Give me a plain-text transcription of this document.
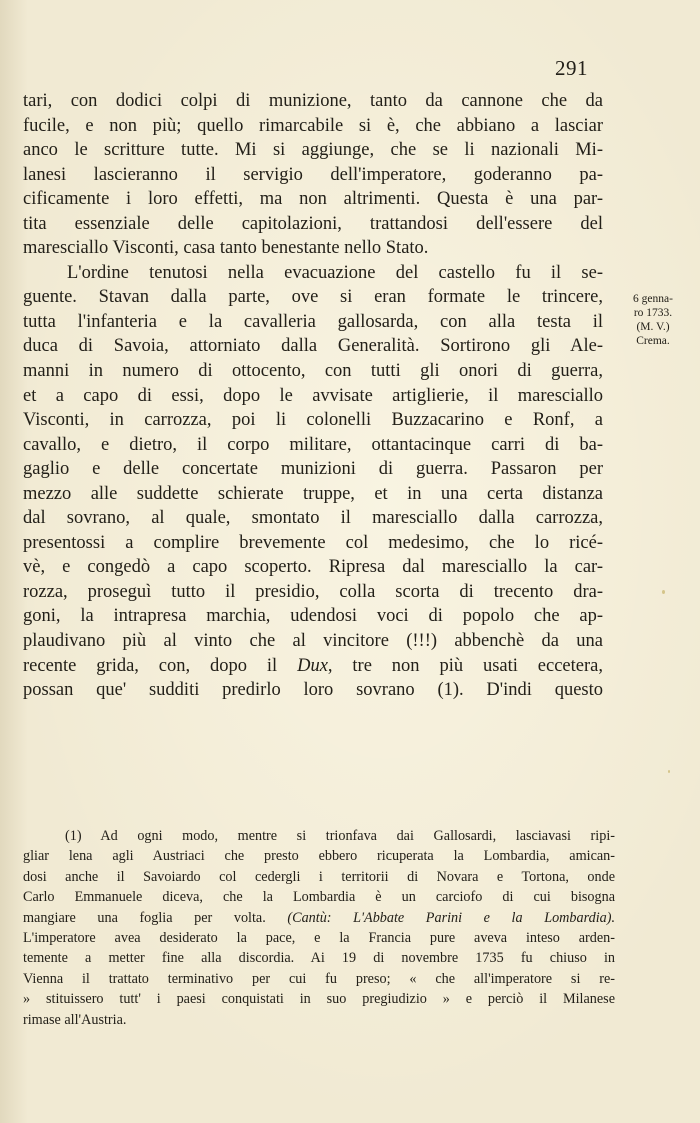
291
tari, con dodici colpi di munizione, tanto da cannone che da
fucile, e non più; quello rimarcabile si è, che abbiano a lasciar
anco le scritture tutte. Mi si aggiunge, che se li nazionali Mi-
lanesi lascieranno il servigio dell'imperatore, goderanno pa-
cificamente i loro effetti, ma non altrimenti. Questa è una par-
tita essenziale delle capitolazioni, trattandosi dell'essere del
maresciallo Visconti, casa tanto benestante nello Stato.
L'ordine tenutosi nella evacuazione del castello fu il se-
guente. Stavan dalla parte, ove si eran formate le trincere,
tutta l'infanteria e la cavalleria gallosarda, con alla testa il
duca di Savoia, attorniato dalla Generalità. Sortirono gli Ale-
manni in numero di ottocento, con tutti gli onori di guerra,
et a capo di essi, dopo le avvisate artiglierie, il maresciallo
Visconti, in carrozza, poi li colonelli Buzzacarino e Ronf, a
cavallo, e dietro, il corpo militare, ottantacinque carri di ba-
gaglio e delle concertate munizioni di guerra. Passaron per
mezzo alle suddette schierate truppe, et in una certa distanza
dal sovrano, al quale, smontato il maresciallo dalla carrozza,
presentossi a complire brevemente col medesimo, che lo ricé-
vè, e congedò a capo scoperto. Ripresa dal maresciallo la car-
rozza, proseguì tutto il presidio, colla scorta di trecento dra-
goni, la intrapresa marchia, udendosi voci di popolo che ap-
plaudivano più al vinto che al vincitore (!!!) abbenchè da una
recente grida, con, dopo il Dux, tre non più usati eccetera,
possan que' sudditi predirlo loro sovrano (1). D'indi questo
6 genna-
ro 1733.
(M. V.)
Crema.
(1) Ad ogni modo, mentre si trionfava dai Gallosardi, lasciavasi ripi-
gliar lena agli Austriaci che presto ebbero ricuperata la Lombardia, amican-
dosi anche il Savoiardo col cedergli i territorii di Novara e Tortona, onde
Carlo Emmanuele diceva, che la Lombardia è un carciofo di cui bisogna
mangiare una foglia per volta. (Cantù: L'Abbate Parini e la Lombardia).
L'imperatore avea desiderato la pace, e la Francia pure aveva inteso arden-
temente a metter fine alla discordia. Ai 19 di novembre 1735 fu chiuso in
Vienna il trattato terminativo per cui fu preso; « che all'imperatore si re-
» stituissero tutt' i paesi conquistati in suo pregiudizio » e perciò il Milanese
rimase all'Austria.
